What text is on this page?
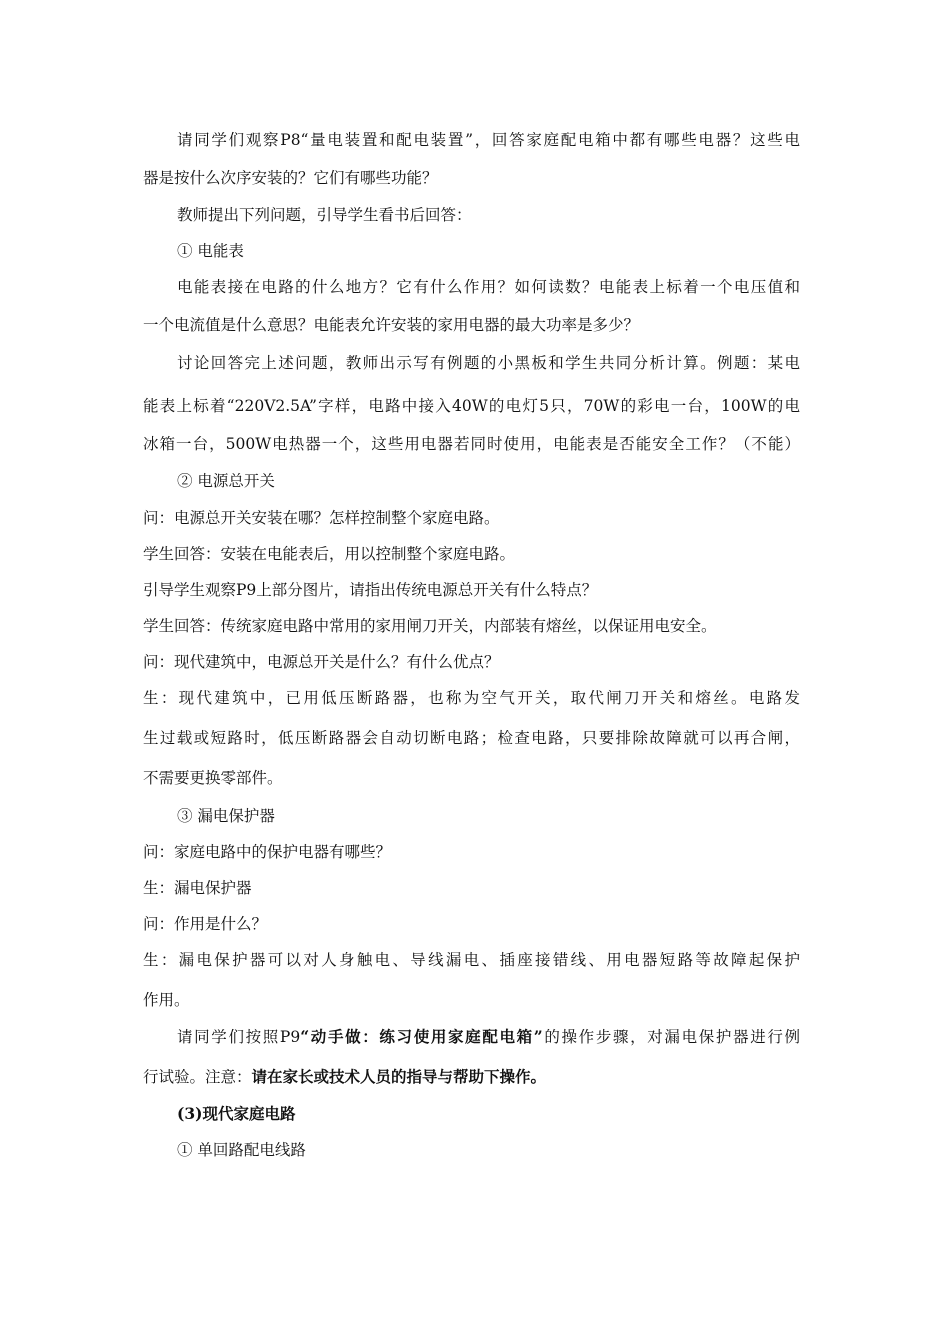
请同学们观察P8“量电装置和配电装置”，回答家庭配电箱中都有哪些电器？这些电
器是按什么次序安装的？它们有哪些功能？
教师提出下列问题，引导学生看书后回答：
① 电能表
电能表接在电路的什么地方？它有什么作用？如何读数？电能表上标着一个电压值和
一个电流值是什么意思？电能表允许安装的家用电器的最大功率是多少？
讨论回答完上述问题，教师出示写有例题的小黑板和学生共同分析计算。例题：某电
能表上标着“220V2.5A”字样，电路中接入40W的电灯5只，70W的彩电一台，100W的电
冰箱一台，500W电热器一个，这些用电器若同时使用，电能表是否能安全工作？（不能）
② 电源总开关
问：电源总开关安装在哪？怎样控制整个家庭电路。
学生回答：安装在电能表后，用以控制整个家庭电路。
引导学生观察P9上部分图片，请指出传统电源总开关有什么特点？
学生回答：传统家庭电路中常用的家用闸刀开关，内部装有熔丝，以保证用电安全。
问：现代建筑中，电源总开关是什么？有什么优点？
生：现代建筑中，已用低压断路器，也称为空气开关，取代闸刀开关和熔丝。电路发
生过载或短路时，低压断路器会自动切断电路；检查电路，只要排除故障就可以再合闸，
不需要更换零部件。
③ 漏电保护器
问：家庭电路中的保护电器有哪些？
生：漏电保护器
问：作用是什么？
生：漏电保护器可以对人身触电、导线漏电、插座接错线、用电器短路等故障起保护
作用。
请同学们按照P9“动手做：练习使用家庭配电箱”的操作步骤，对漏电保护器进行例
行试验。注意：请在家长或技术人员的指导与帮助下操作。
(3)现代家庭电路
① 单回路配电线路
